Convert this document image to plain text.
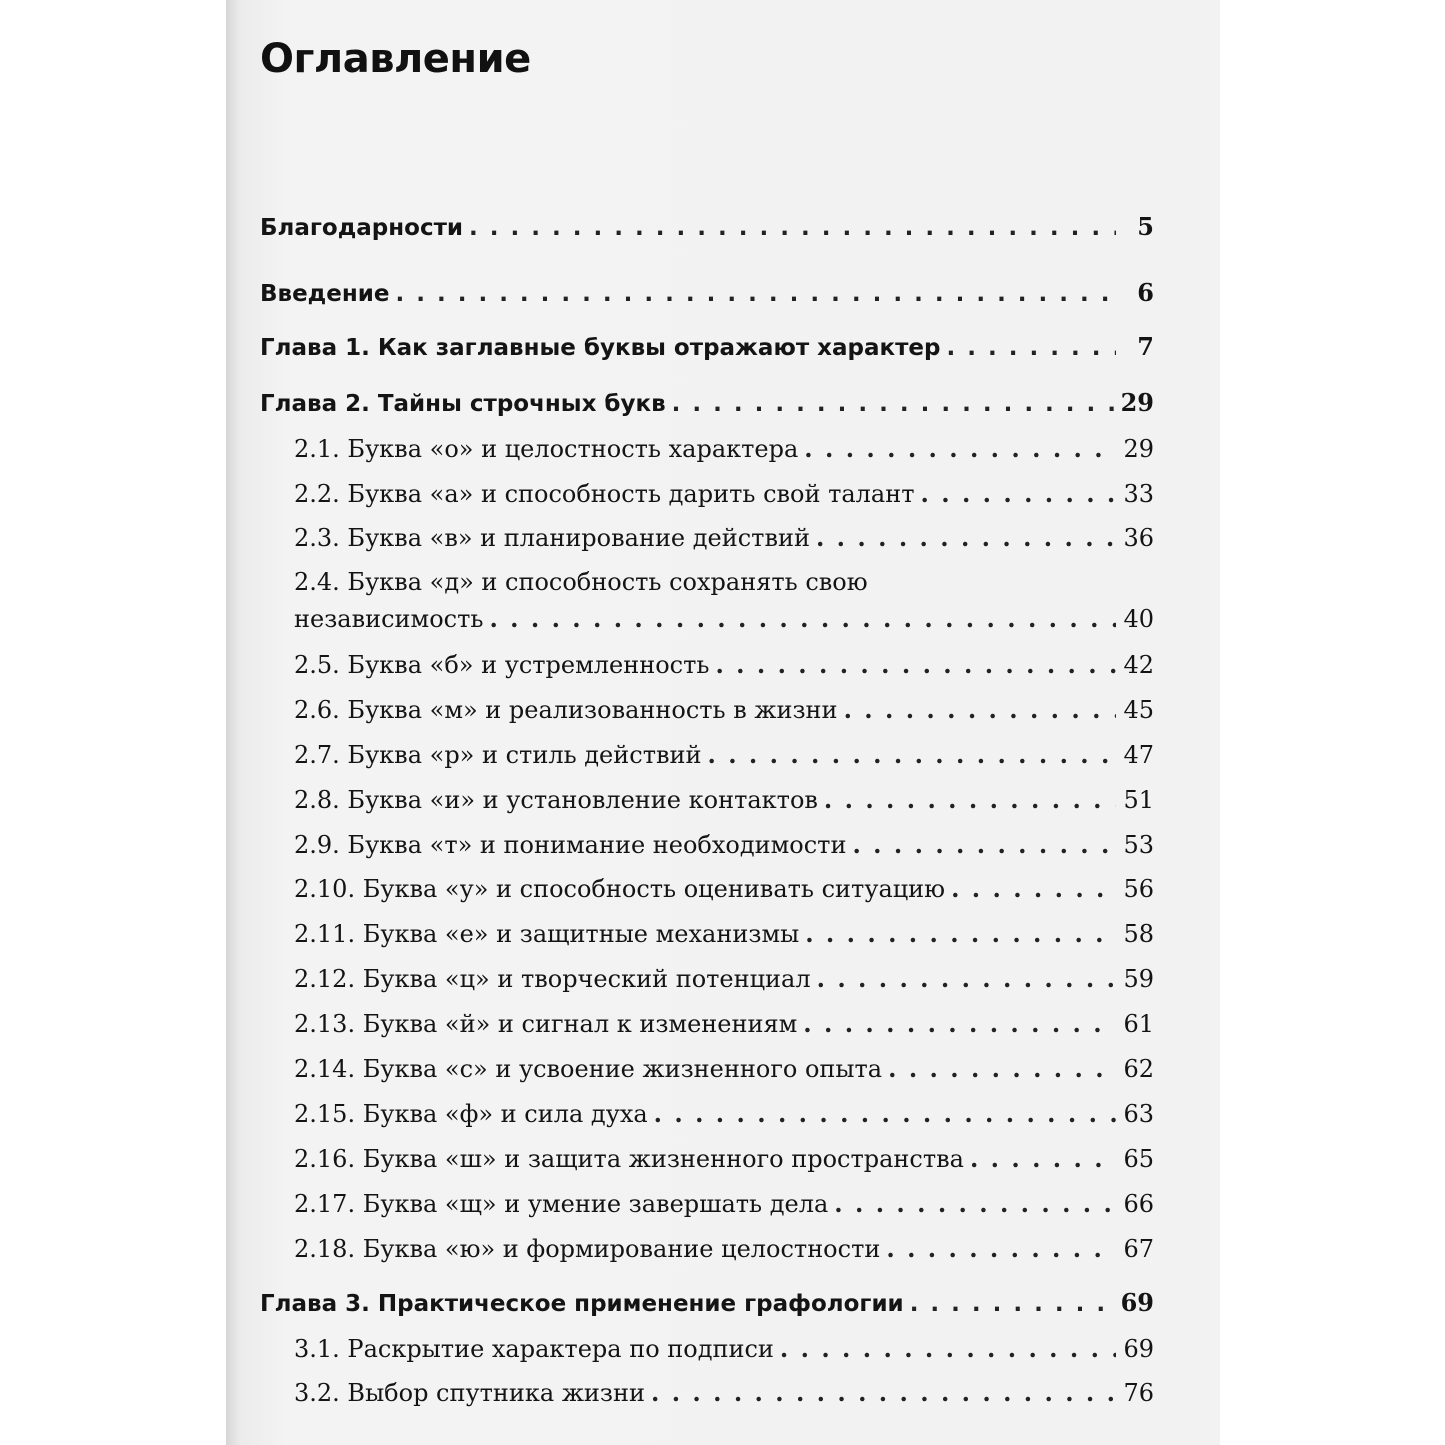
Оглавление
Благодарности . . .	5
Введение . . .	6
Глава 1. Как заглавные буквы отражают характер . . .	7
Глава 2. Тайны строчных букв . . .	29
2.1. Буква «о» и целостность характера . . .	29
2.2. Буква «а» и способность дарить свой талант . . .	33
2.3. Буква «в» и планирование действий . . .	36
2.4. Буква «д» и способность сохранять свою
независимость . . .	40
2.5. Буква «б» и устремленность . . .	42
2.6. Буква «м» и реализованность в жизни . . .	45
2.7. Буква «р» и стиль действий . . .	47
2.8. Буква «и» и установление контактов . . .	51
2.9. Буква «т» и понимание необходимости . . .	53
2.10. Буква «у» и способность оценивать ситуацию . . .	56
2.11. Буква «е» и защитные механизмы . . .	58
2.12. Буква «ц» и творческий потенциал . . .	59
2.13. Буква «й» и сигнал к изменениям . . .	61
2.14. Буква «с» и усвоение жизненного опыта . . .	62
2.15. Буква «ф» и сила духа . . .	63
2.16. Буква «ш» и защита жизненного пространства . . .	65
2.17. Буква «щ» и умение завершать дела . . .	66
2.18. Буква «ю» и формирование целостности . . .	67
Глава 3. Практическое применение графологии . . .	69
3.1. Раскрытие характера по подписи . . .	69
3.2. Выбор спутника жизни . . .	76
